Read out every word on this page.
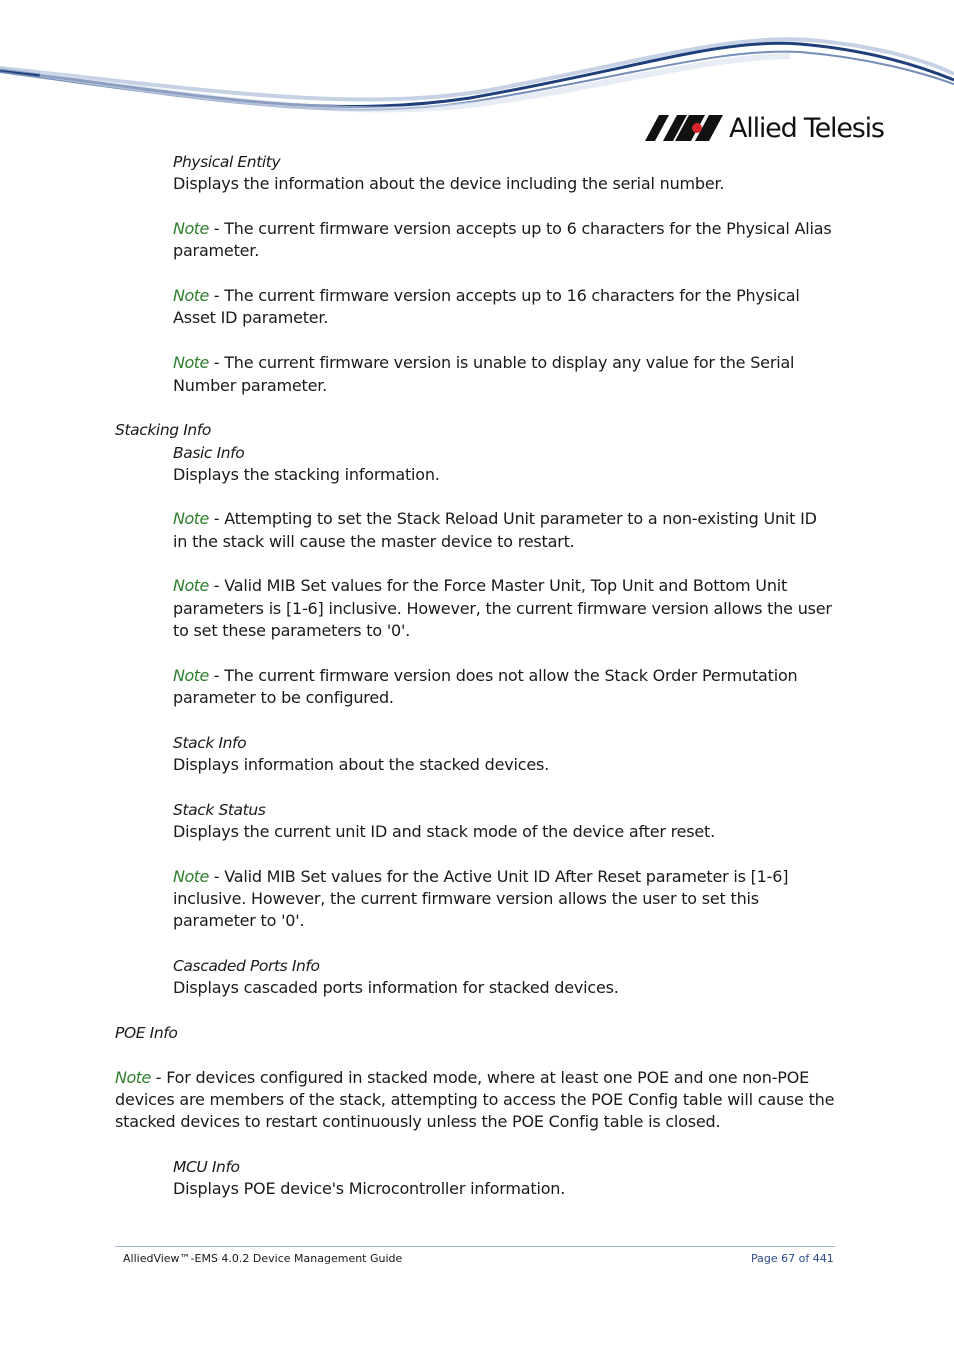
Allied Telesis
Physical Entity
Displays the information about the device including the serial number.
Note - The current firmware version accepts up to 6 characters for the Physical Alias
parameter.
Note - The current firmware version accepts up to 16 characters for the Physical
Asset ID parameter.
Note - The current firmware version is unable to display any value for the Serial
Number parameter.
Stacking Info
Basic Info
Displays the stacking information.
Note - Attempting to set the Stack Reload Unit parameter to a non-existing Unit ID
in the stack will cause the master device to restart.
Note - Valid MIB Set values for the Force Master Unit, Top Unit and Bottom Unit
parameters is [1-6] inclusive. However, the current firmware version allows the user
to set these parameters to '0'.
Note - The current firmware version does not allow the Stack Order Permutation
parameter to be configured.
Stack Info
Displays information about the stacked devices.
Stack Status
Displays the current unit ID and stack mode of the device after reset.
Note - Valid MIB Set values for the Active Unit ID After Reset parameter is [1-6]
inclusive. However, the current firmware version allows the user to set this
parameter to '0'.
Cascaded Ports Info
Displays cascaded ports information for stacked devices.
POE Info
Note - For devices configured in stacked mode, where at least one POE and one non-POE
devices are members of the stack, attempting to access the POE Config table will cause the
stacked devices to restart continuously unless the POE Config table is closed.
MCU Info
Displays POE device's Microcontroller information.
AlliedView™-EMS 4.0.2 Device Management Guide	Page 67 of 441
